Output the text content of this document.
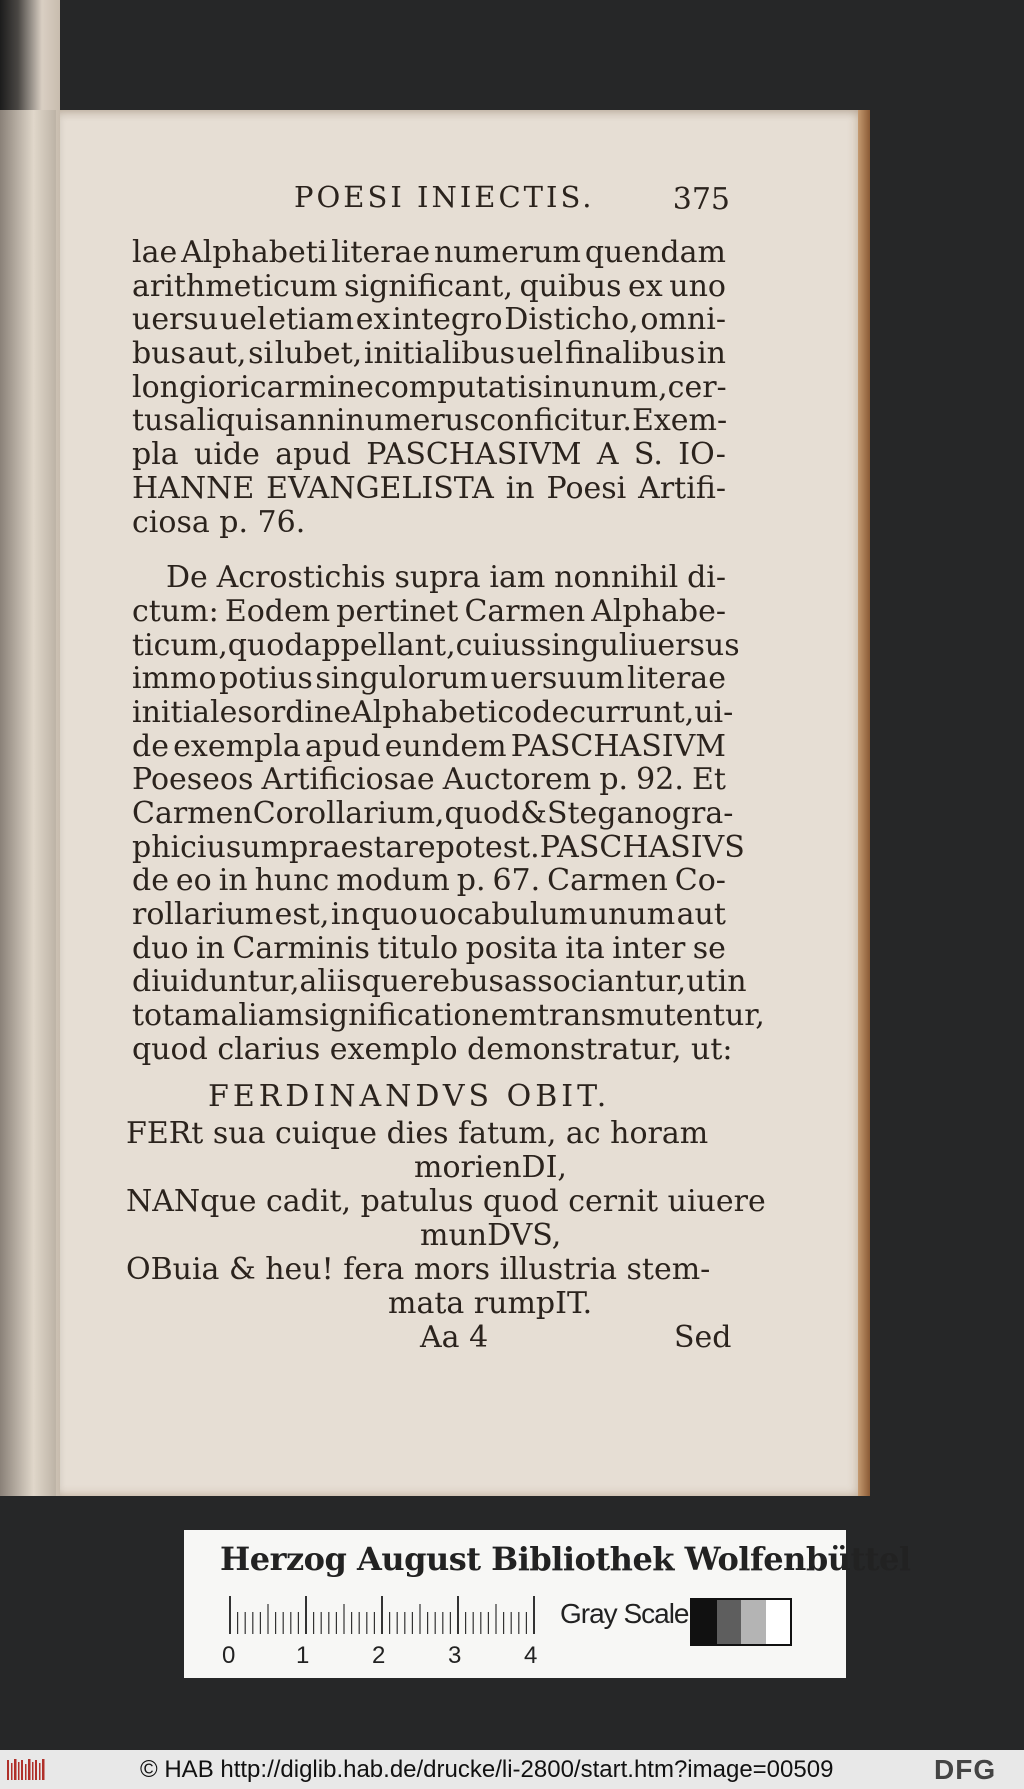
POESI INIECTIS.	375
lae Alphabeti literae numerum quendam
arithmeticum significant, quibus ex uno
uersu uel etiam ex integro Disticho, omni-
bus aut, si lubet, initialibus uel finalibus in
longiori carmine computatis in unum, cer-
tus aliquis anni numerus conficitur. Exem-
pla uide apud PASCHASIVM A S. IO-
HANNE EVANGELISTA in Poesi Artifi-
ciosa p. 76.
De Acrostichis supra iam nonnihil di-
ctum: Eodem pertinet Carmen Alphabe-
ticum, quod appellant, cuius singuli uersus
immo potius singulorum uersuum literae
initiales ordine Alphabetico decurrunt, ui-
de exempla apud eundem PASCHASIVM
Poeseos Artificiosae Auctorem p. 92. Et
Carmen Corollarium, quod & Steganogra-
phici usum praestare potest. PASCHASIVS
de eo in hunc modum p. 67. Carmen Co-
rollarium est, in quo uocabulum unum aut
duo in Carminis titulo posita ita inter se
diuiduntur, aliisque rebus associantur, ut in
totam aliam significationem transmutentur,
quod clarius exemplo demonstratur, ut:
FERDINANDVS OBIT.
FERt sua cuique dies fatum, ac horam
morienDI,
NANque cadit, patulus quod cernit uiuere
munDVS,
OBuia & heu! fera mors illustria stem-
mata rumpIT.
Aa 4	Sed
Herzog August Bibliothek Wolfenbüttel
0	1	2	3	4
Gray Scale
© HAB http://diglib.hab.de/drucke/li-2800/start.htm?image=00509	DFG
